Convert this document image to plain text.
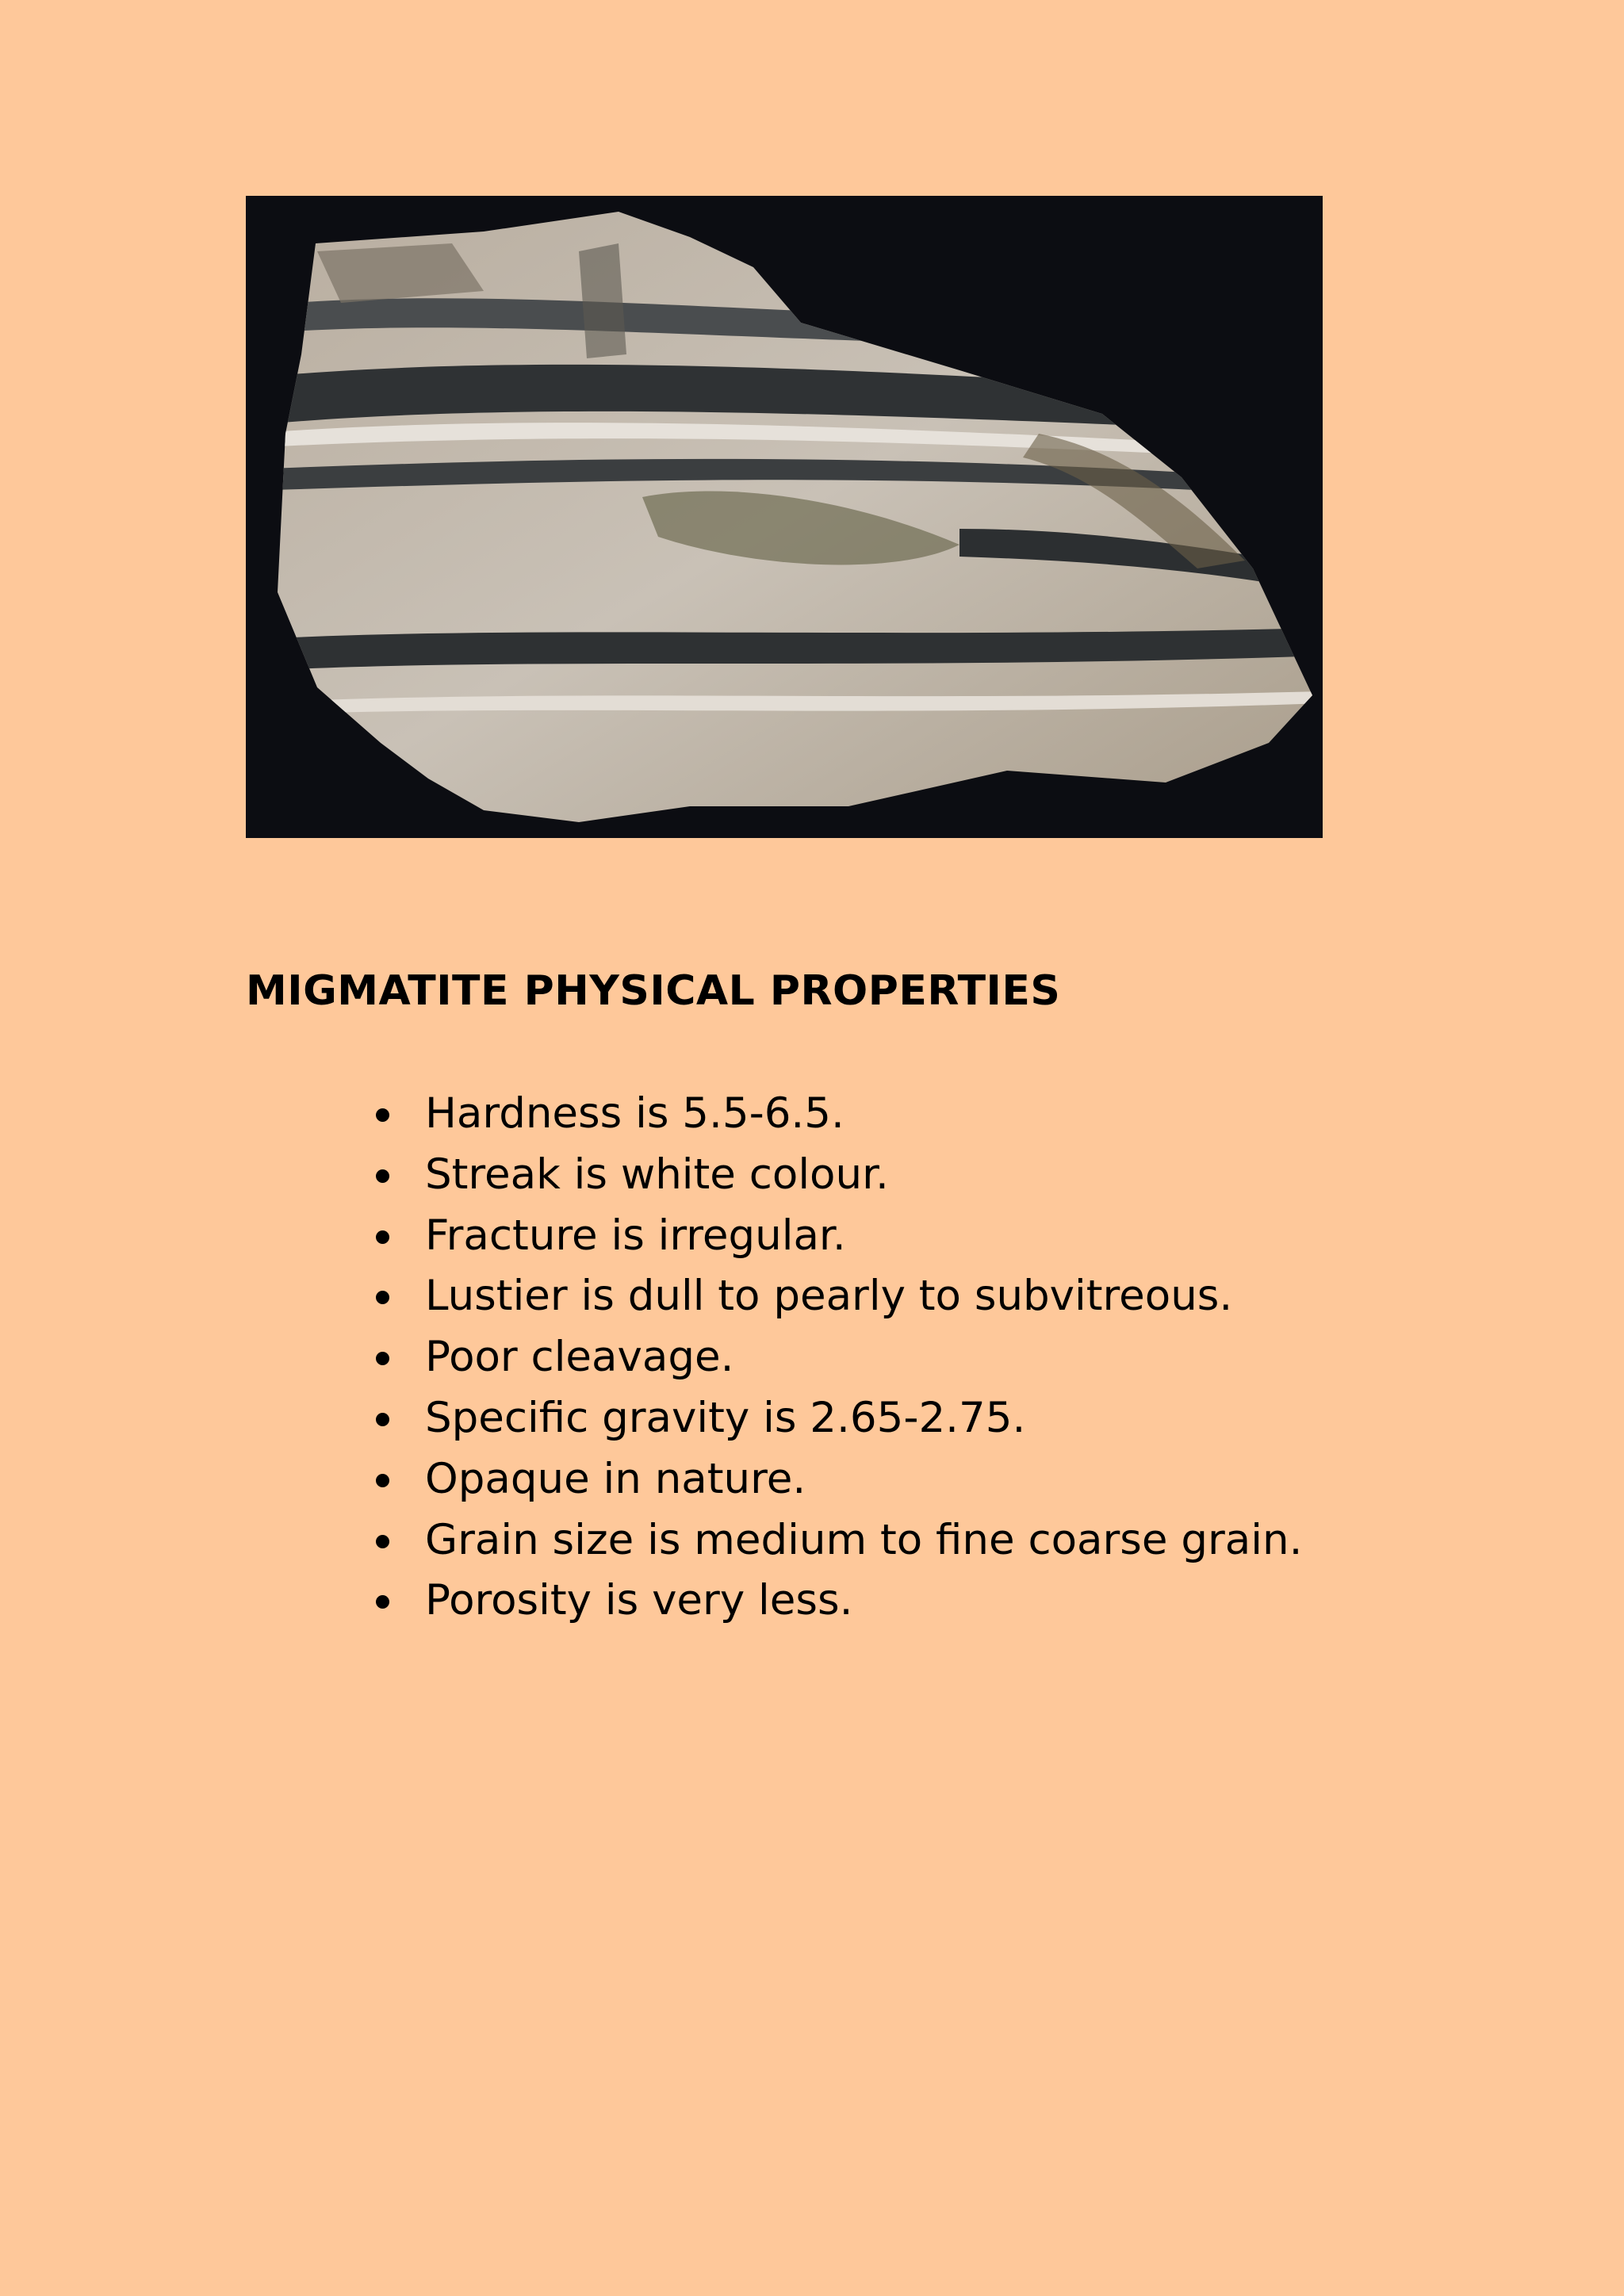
MIGMATITE PHYSICAL PROPERTIES
Hardness is 5.5-6.5.
Streak is white colour.
Fracture is irregular.
Lustier is dull to pearly to subvitreous.
Poor cleavage.
Specific gravity is 2.65-2.75.
Opaque in nature.
Grain size is medium to fine coarse grain.
Porosity is very less.
